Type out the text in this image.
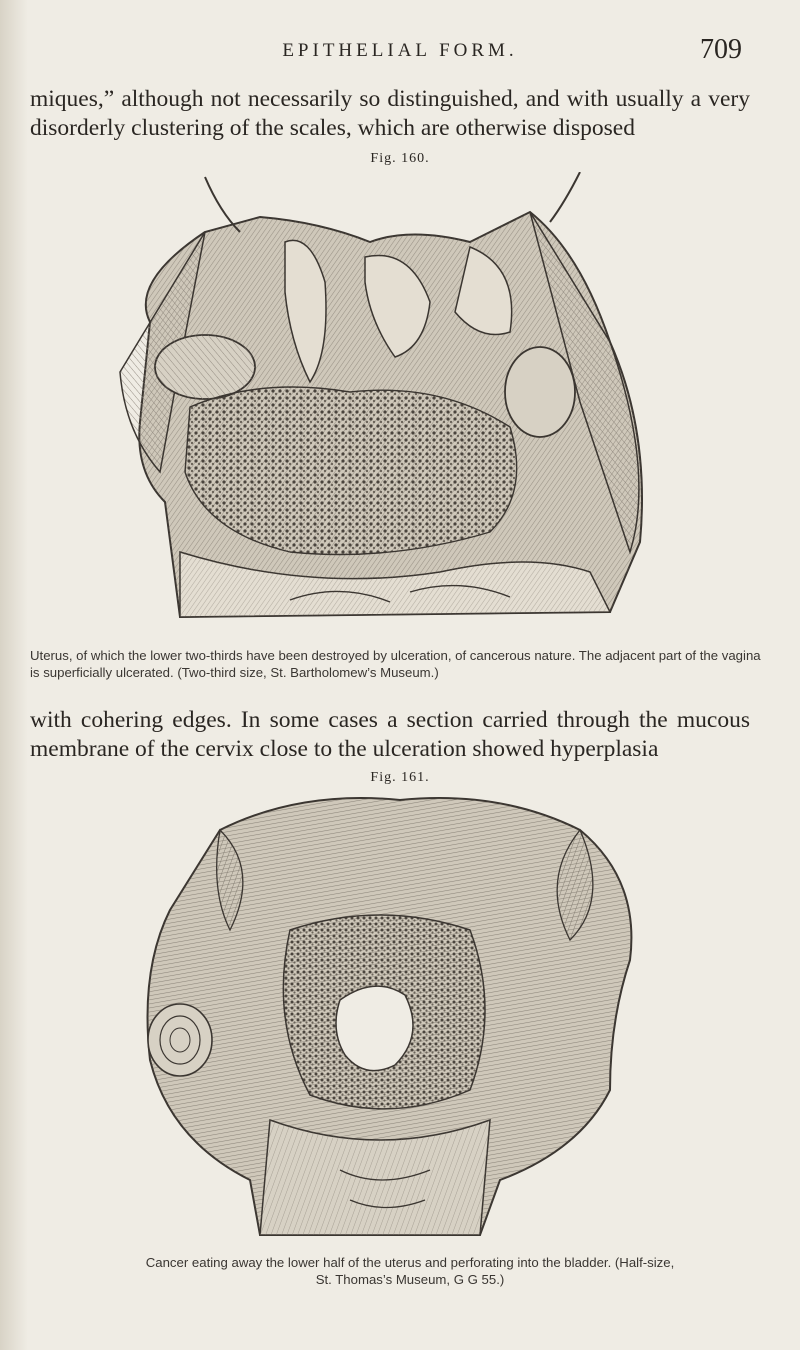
EPITHELIAL FORM.	709

miques,” although not necessarily so distinguished, and with usually a very disorderly clustering of the scales, which are otherwise disposed

Fig. 160.
Uterus, of which the lower two-thirds have been destroyed by ulceration, of cancerous nature. The adjacent part of the vagina is superficially ulcerated. (Two-third size, St. Bartholomew’s Museum.)

with cohering edges. In some cases a section carried through the mucous membrane of the cervix close to the ulceration showed hyperplasia

Fig. 161.
Cancer eating away the lower half of the uterus and perforating into the bladder. (Half-size,
St. Thomas’s Museum, G G 55.)
